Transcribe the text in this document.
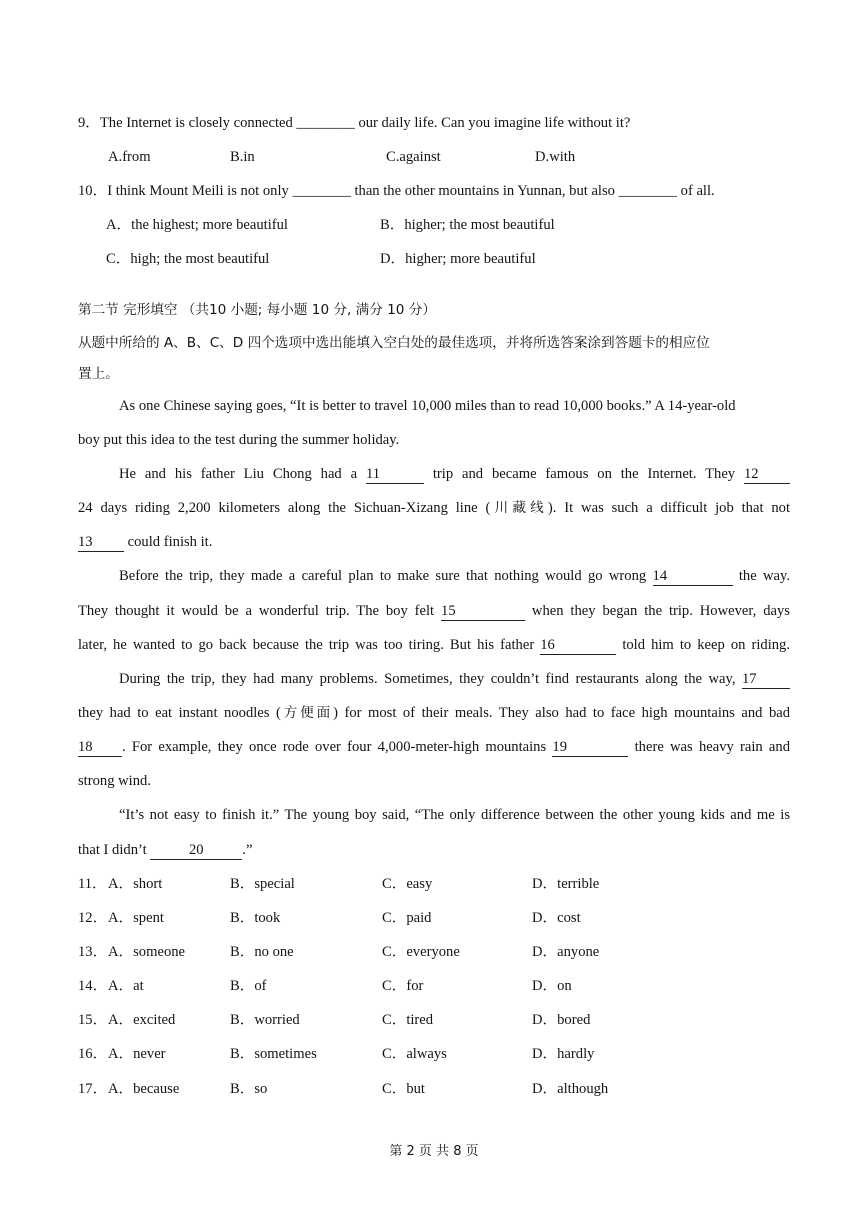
9．The Internet is closely connected ________ our daily life. Can you imagine life without it?
A.from	B.in	C.against	D.with
10．I think Mount Meili is not only ________ than the other mountains in Yunnan, but also ________ of all.
A．the highest; more beautiful	B．higher; the most beautiful
C．high; the most beautiful	D．higher; more beautiful
第二节 完形填空 （共10 小题; 每小题 10 分, 满分 10 分）
从题中所给的 A、B、C、D 四个选项中选出能填入空白处的最佳选项，并将所选答案涂到答题卡的相应位
置上。
As one Chinese saying goes, “It is better to travel 10,000 miles than to read 10,000 books.” A 14-year-old
boy put this idea to the test during the summer holiday.
He and his father Liu Chong had a 11	trip and became famous on the Internet. They 12
24 days riding 2,200 kilometers along the Sichuan-Xizang line (川藏线). It was such a difficult job that not
13 could finish it.
Before the trip, they made a careful plan to make sure that nothing would go wrong 14	the way.
They thought it would be a wonderful trip. The boy felt 15	when they began the trip. However, days
later, he wanted to go back because the trip was too tiring. But his father 16	told him to keep on riding.
During the trip, they had many problems. Sometimes, they couldn’t find restaurants along the way, 17
they had to eat instant noodles (方便面) for most of their meals. They also had to face high mountains and bad
18 . For example, they once rode over four 4,000-meter-high mountains 19	there was heavy rain and
strong wind.
“It’s not easy to finish it.” The young boy said, “The only difference between the other young kids and me is
that I didn’t	20	.”
11． A．short	B．special	C．easy	D．terrible
12． A．spent	B．took	C．paid	D．cost
13． A．someone	B．no one	C．everyone	D．anyone
14． A．at	B．of	C．for	D．on
15． A．excited	B．worried	C．tired	D．bored
16． A．never	B．sometimes	C．always	D．hardly
17． A．because	B．so	C．but	D．although
第 2 页 共 8 页
